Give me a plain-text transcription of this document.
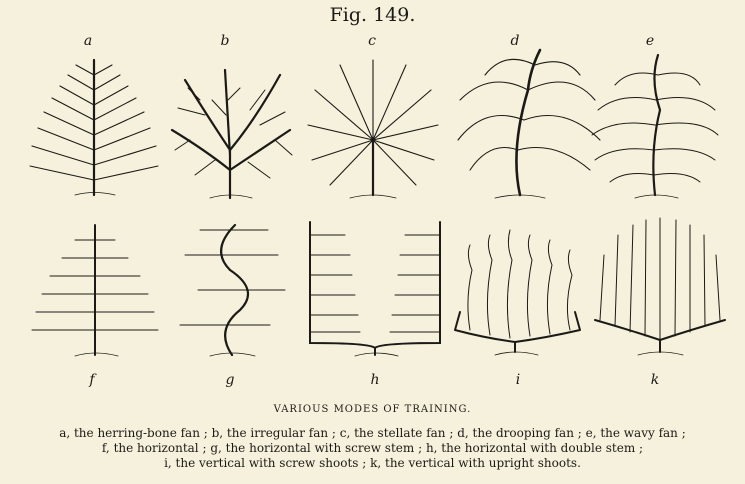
Fig. 149.
a	b	c	d	e
f	g	h	i	k
VARIOUS MODES OF TRAINING.
a, the herring-bone fan ; b, the irregular fan ; c, the stellate fan ; d, the drooping fan ; e, the wavy fan ;
f, the horizontal ; g, the horizontal with screw stem ; h, the horizontal with double stem ;
i, the vertical with screw shoots ; k, the vertical with upright shoots.
